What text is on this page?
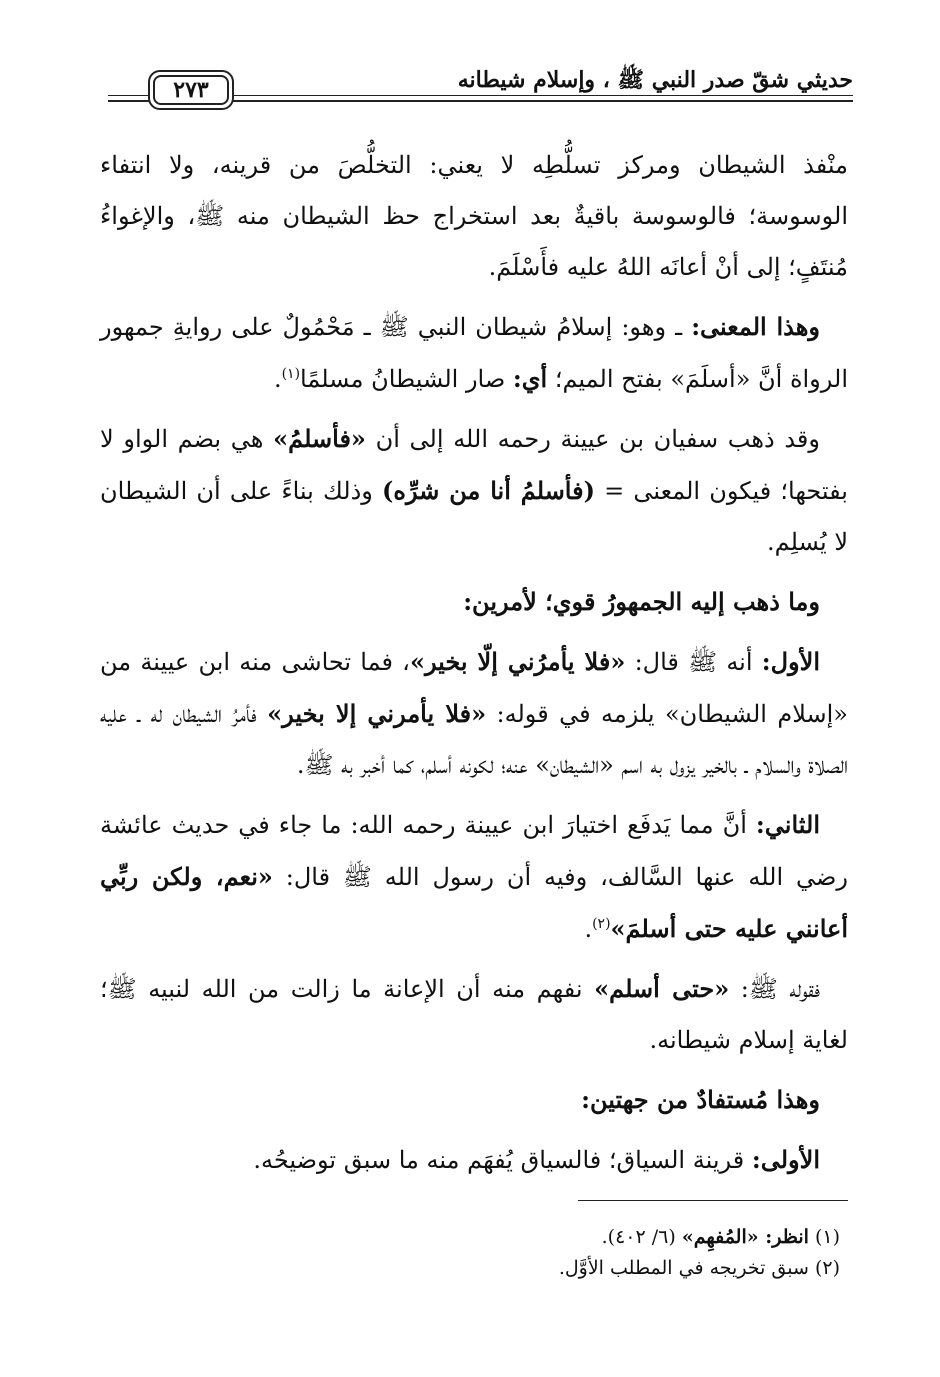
حديثي شقّ صدر النبي ﷺ ، وإسلام شيطانه
٢٧٣

منْفذ الشيطان ومركز تسلُّطِه لا يعني: التخلُّصَ من قرينه، ولا انتفاء الوسوسة؛ فالوسوسة باقيةٌ بعد استخراج حظ الشيطان منه ﷺ، والإغواءُ مُنتَفٍ؛ إلى أنْ أعانَه اللهُ عليه فأَسْلَمَ.

وهذا المعنى: ـ وهو: إسلامُ شيطان النبي ﷺ ـ مَحْمُولٌ على روايةِ جمهور الرواة أنَّ «أسلَمَ» بفتح الميم؛ أي: صار الشيطانُ مسلمًا$^{(١)}$.

وقد ذهب سفيان بن عيينة رحمه الله إلى أن «فأسلمُ» هي بضم الواو لا بفتحها؛ فيكون المعنى = (فأسلمُ أنا من شرِّه) وذلك بناءً على أن الشيطان لا يُسلِم.

وما ذهب إليه الجمهورُ قوي؛ لأمرين:

الأول: أنه ﷺ قال: «فلا يأمرُني إلّا بخير»، فما تحاشى منه ابن عيينة من «إسلام الشيطان» يلزمه في قوله: «فلا يأمرني إلا بخير» فأمرُ الشيطان له ـ عليه الصلاة والسلام ـ بالخير يزول به اسم «الشيطان» عنه؛ لكونه أسلم، كما أخبر به ﷺ.

الثاني: أنَّ مما يَدفَع اختيارَ ابن عيينة رحمه الله: ما جاء في حديث عائشة رضي الله عنها السَّالف، وفيه أن رسول الله ﷺ قال: «نعم، ولكن ربِّي أعانني عليه حتى أسلمَ»$^{(٢)}$.

فقوله ﷺ: «حتى أسلم» نفهم منه أن الإعانة ما زالت من الله لنبيه ﷺ؛ لغاية إسلام شيطانه.

وهذا مُستفادٌ من جهتين:

الأولى: قرينة السياق؛ فالسياق يُفهَم منه ما سبق توضيحُه.

(١) انظر: «المُفهِم» (٦/ ٤٠٢).

(٢) سبق تخريجه في المطلب الأوَّل.
